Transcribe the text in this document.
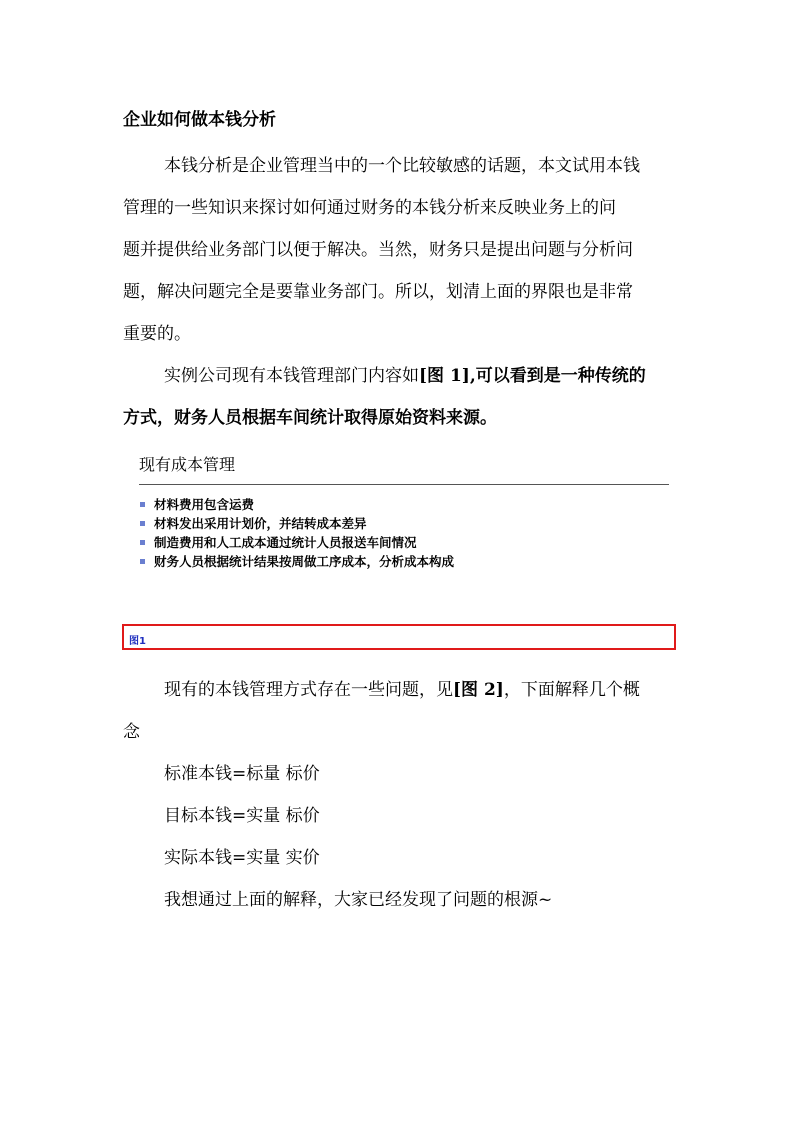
企业如何做本钱分析
本钱分析是企业管理当中的一个比较敏感的话题，本文试用本钱
管理的一些知识来探讨如何通过财务的本钱分析来反映业务上的问
题并提供给业务部门以便于解决。当然，财务只是提出问题与分析问
题，解决问题完全是要靠业务部门。所以，划清上面的界限也是非常
重要的。
实例公司现有本钱管理部门内容如[图 1],可以看到是一种传统的
方式，财务人员根据车间统计取得原始资料来源。
现有成本管理
材料费用包含运费
材料发出采用计划价，并结转成本差异
制造费用和人工成本通过统计人员报送车间情况
财务人员根据统计结果按周做工序成本，分析成本构成
图1
现有的本钱管理方式存在一些问题，见[图 2]，下面解释几个概
念
标准本钱=标量 标价
目标本钱=实量 标价
实际本钱=实量 实价
我想通过上面的解释，大家已经发现了问题的根源~
